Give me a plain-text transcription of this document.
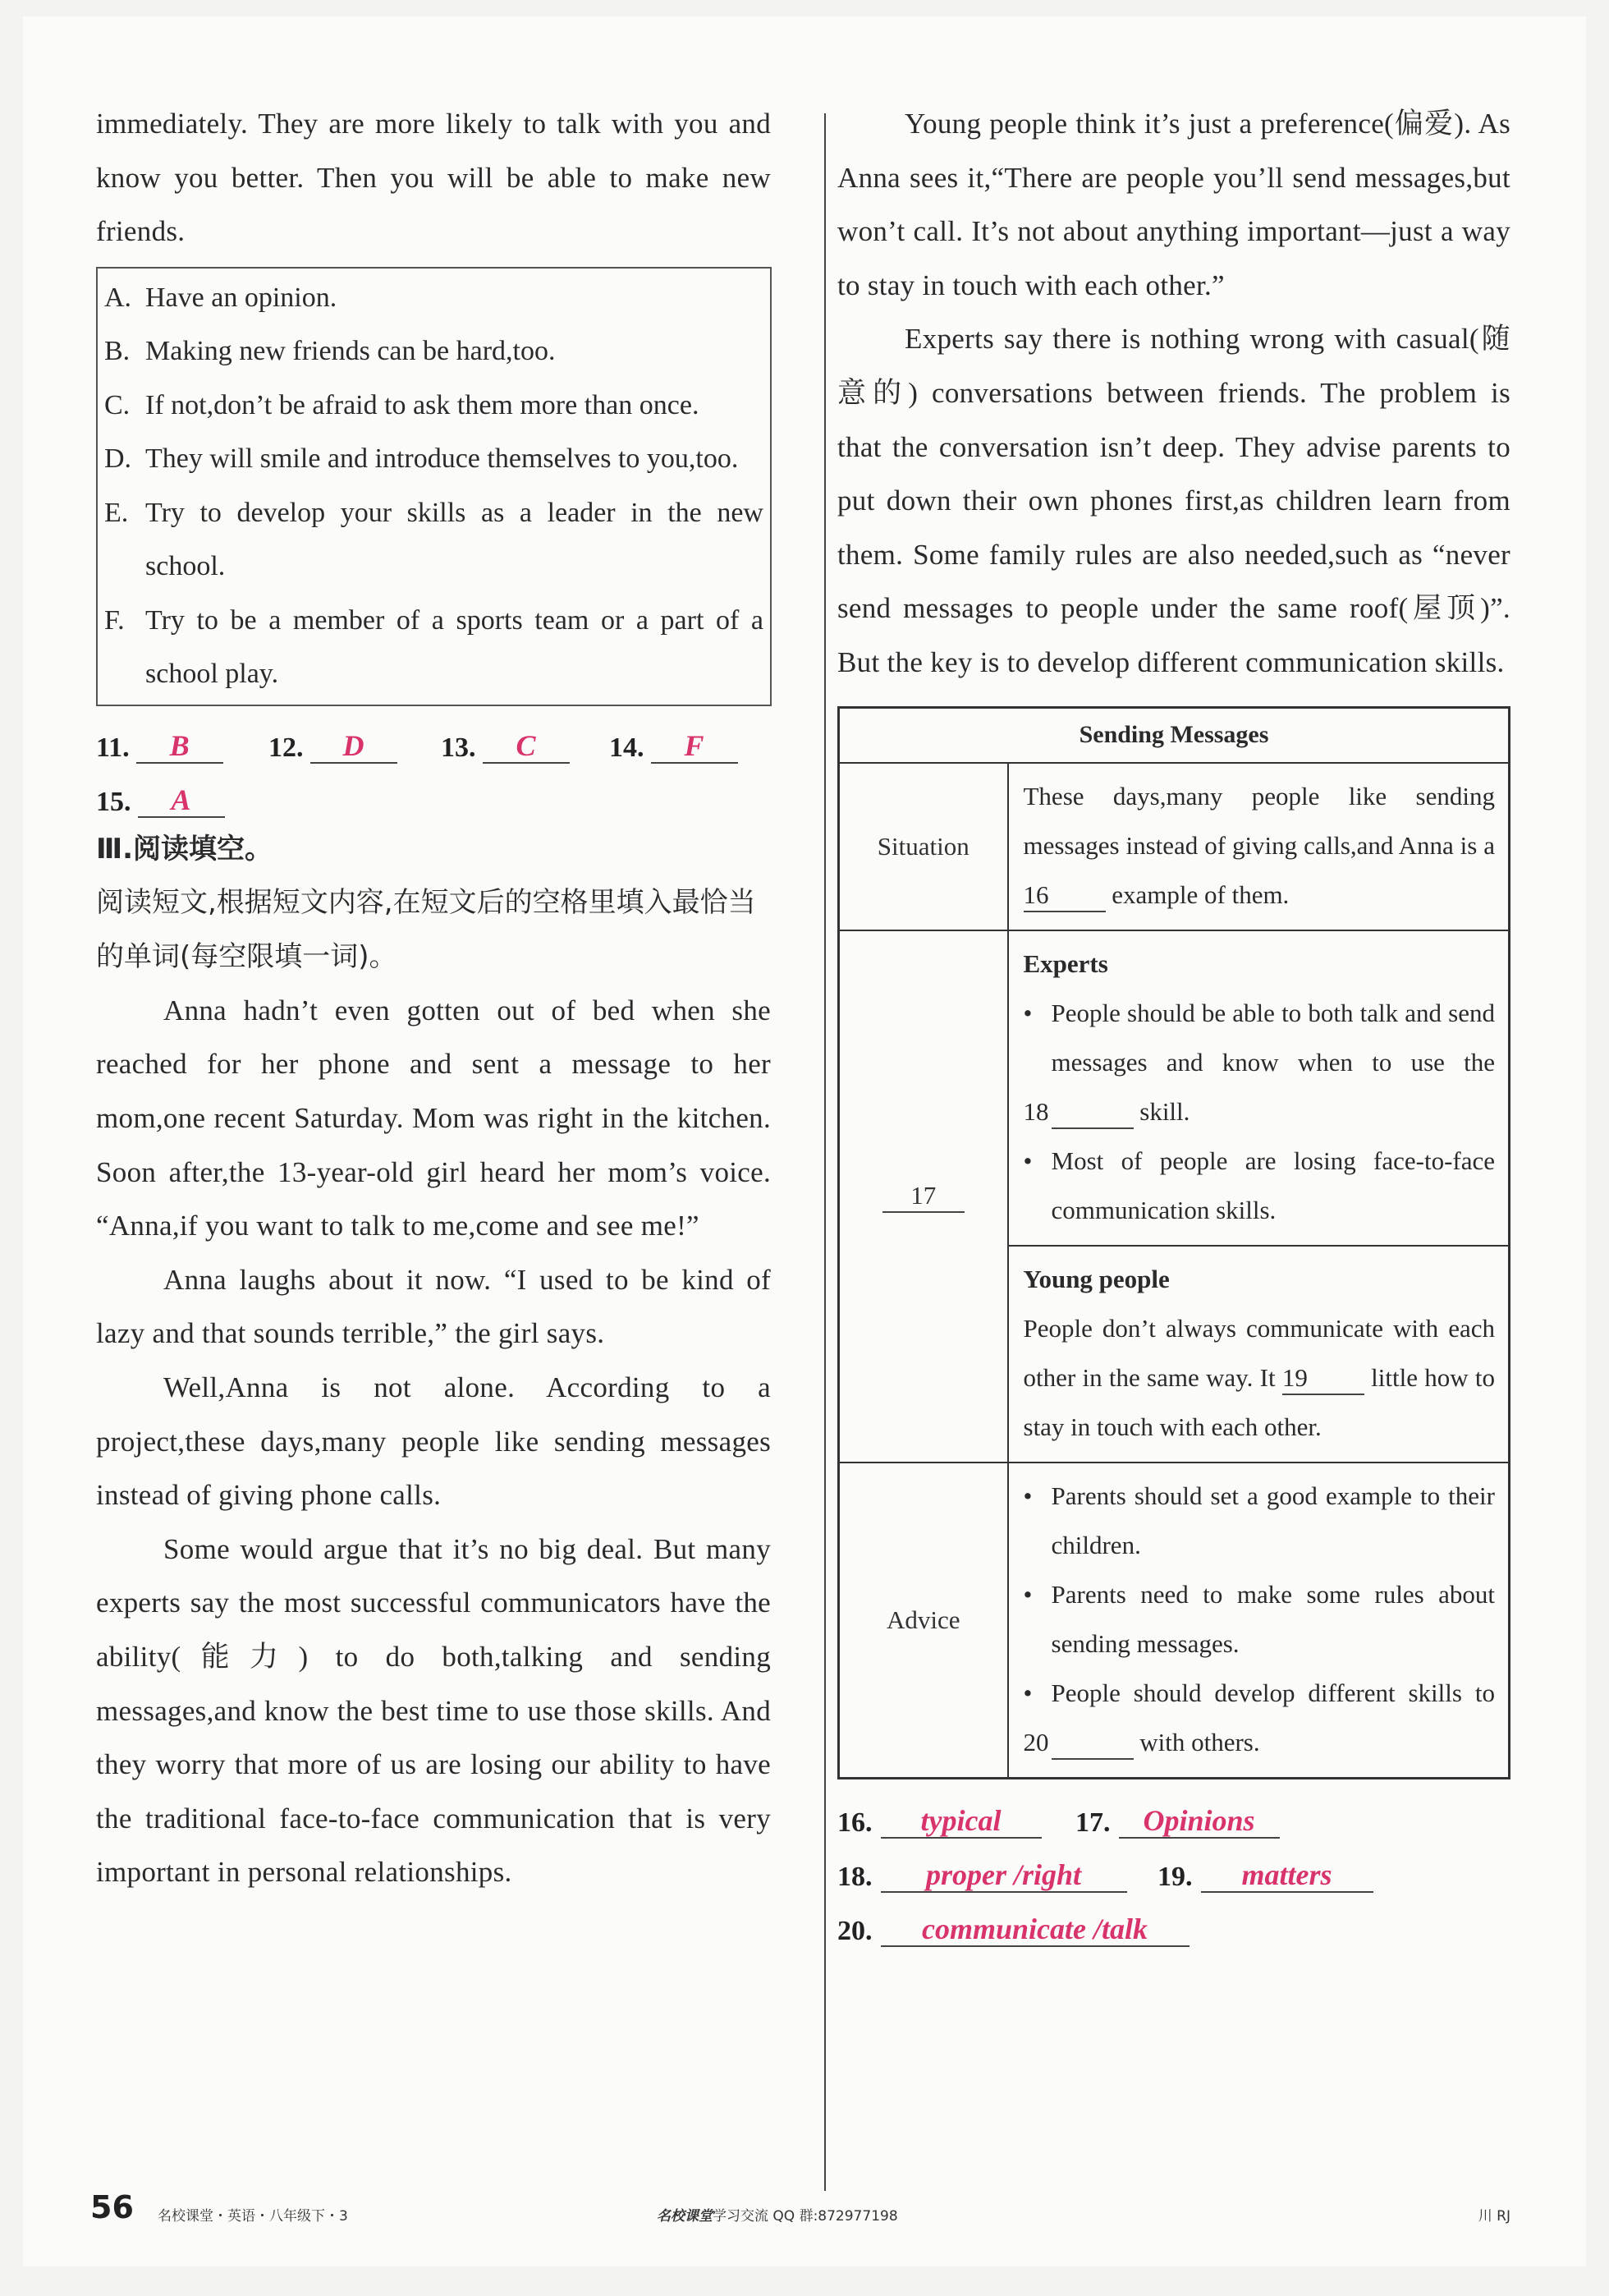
immediately. They are more likely to talk with you and know you better. Then you will be able to make new friends.

A. Have an opinion.
B. Making new friends can be hard,too.
C. If not,don’t be afraid to ask them more than once.
D. They will smile and introduce themselves to you,too.
E. Try to develop your skills as a leader in the new school.
F. Try to be a member of a sports team or a part of a school play.
11.	B	12.	D	13.	C	14.	F
15.	A
Ⅲ.阅读填空。

阅读短文,根据短文内容,在短文后的空格里填入最恰当的单词(每空限填一词)。

Anna hadn’t even gotten out of bed when she reached for her phone and sent a message to her mom,one recent Saturday. Mom was right in the kitchen. Soon after,the 13-year-old girl heard her mom’s voice. “Anna,if you want to talk to me,come and see me!”

Anna laughs about it now. “I used to be kind of lazy and that sounds terrible,” the girl says.

Well,Anna is not alone. According to a project,these days,many people like sending messages instead of giving phone calls.

Some would argue that it’s no big deal. But many experts say the most successful communicators have the ability(能力) to do both,talking and sending messages,and know the best time to use those skills. And they worry that more of us are losing our ability to have the traditional face-to-face communication that is very important in personal relationships.

Young people think it’s just a preference(偏爱). As Anna sees it,“There are people you’ll send messages,but won’t call. It’s not about anything important—just a way to stay in touch with each other.”

Experts say there is nothing wrong with casual(随意的) conversations between friends. The problem is that the conversation isn’t deep. They advise parents to put down their own phones first,as children learn from them. Some family rules are also needed,such as “never send messages to people under the same roof(屋顶)”. But the key is to develop different communication skills.

Sending Messages	
Situation	These days,many people like sending messages instead of giving calls,and Anna is a 16 example of them.
17	Experts
• People should be able to both talk and send messages and know when to use the 18 skill.
• Most of people are losing face-to-face communication skills.

	Young people
People don’t always communicate with each other in the same way. It 19 little how to stay in touch with each other.

Advice	• Parents should set a good example to their children.
• Parents need to make some rules about sending messages.
• People should develop different skills to 20 with others.
16.	typical	17.	Opinions
18.	proper /right	19.	matters
20.	communicate /talk
56 名校课堂・英语・八年级下・3	名校课堂学习交流 QQ 群:872977198	川 RJ
